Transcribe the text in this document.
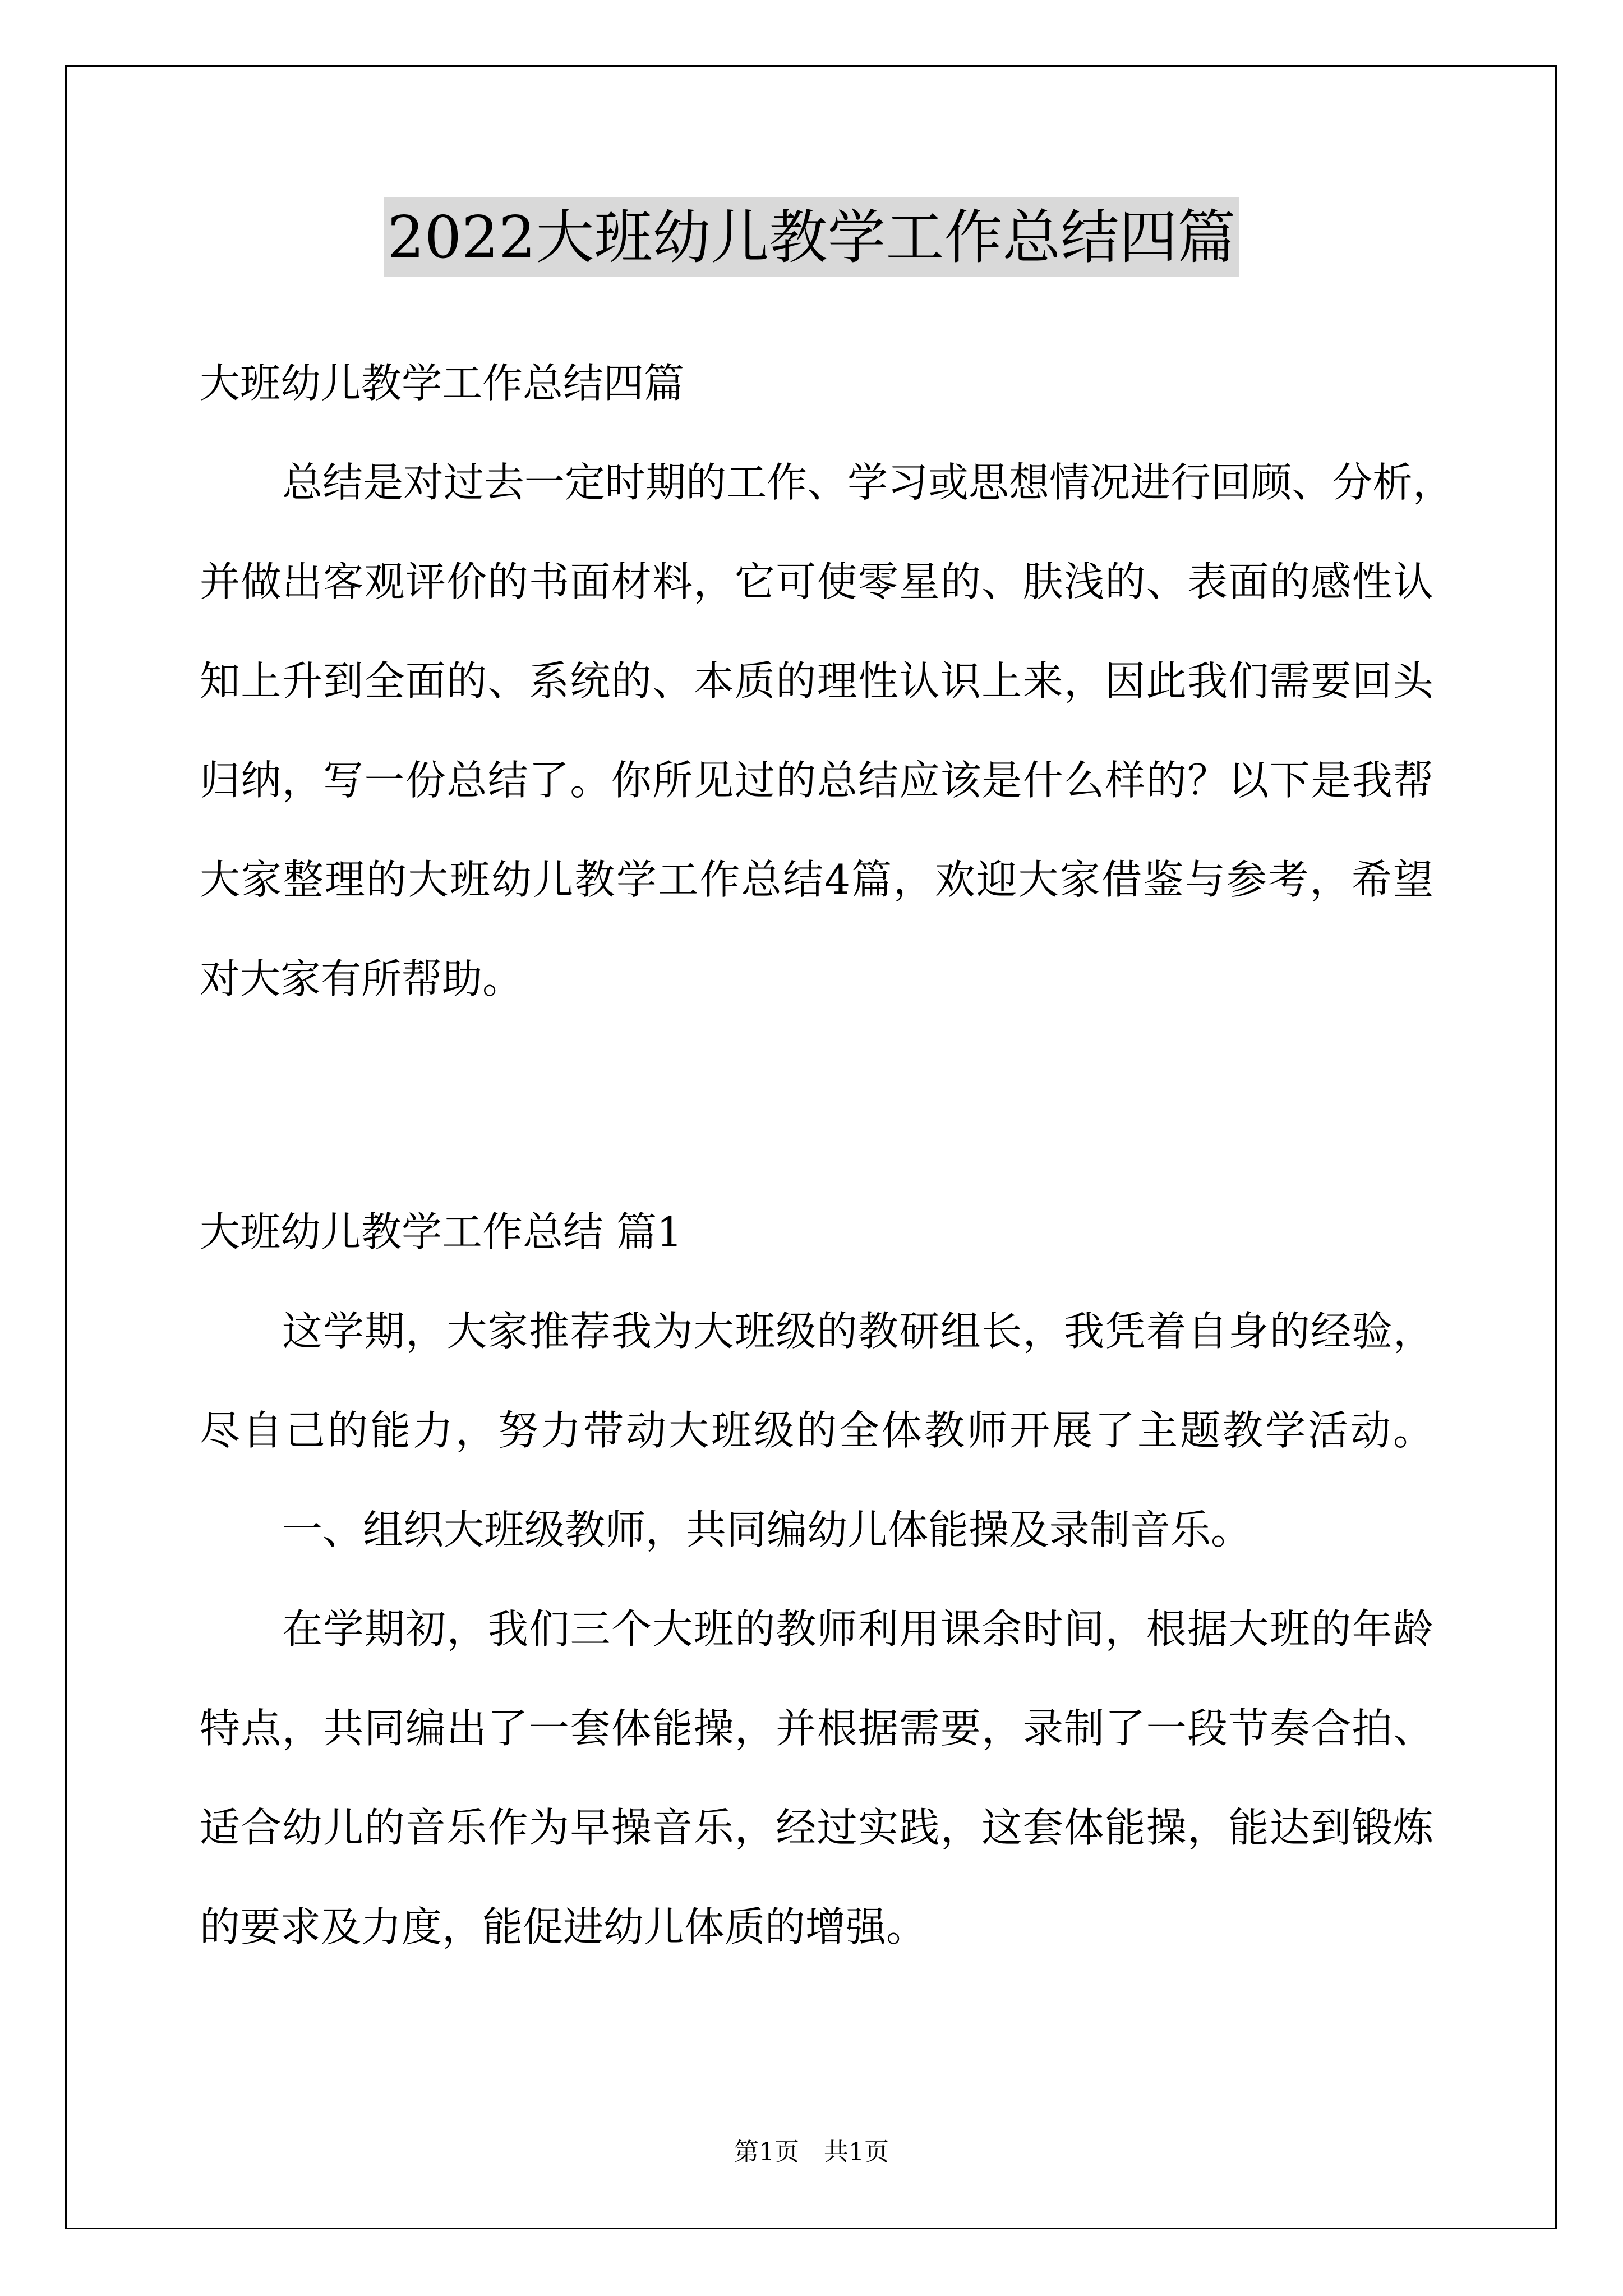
2022大班幼儿教学工作总结四篇
大班幼儿教学工作总结四篇
总结是对过去一定时期的工作、学习或思想情况进行回顾、分析，
并做出客观评价的书面材料，它可使零星的、肤浅的、表面的感性认
知上升到全面的、系统的、本质的理性认识上来，因此我们需要回头
归纳，写一份总结了。你所见过的总结应该是什么样的？以下是我帮
大家整理的大班幼儿教学工作总结4篇，欢迎大家借鉴与参考，希望
对大家有所帮助。
大班幼儿教学工作总结 篇1
这学期，大家推荐我为大班级的教研组长，我凭着自身的经验，
尽自己的能力，努力带动大班级的全体教师开展了主题教学活动。
一、组织大班级教师，共同编幼儿体能操及录制音乐。
在学期初，我们三个大班的教师利用课余时间，根据大班的年龄
特点，共同编出了一套体能操，并根据需要，录制了一段节奏合拍、
适合幼儿的音乐作为早操音乐，经过实践，这套体能操，能达到锻炼
的要求及力度，能促进幼儿体质的增强。
第1页 共1页
